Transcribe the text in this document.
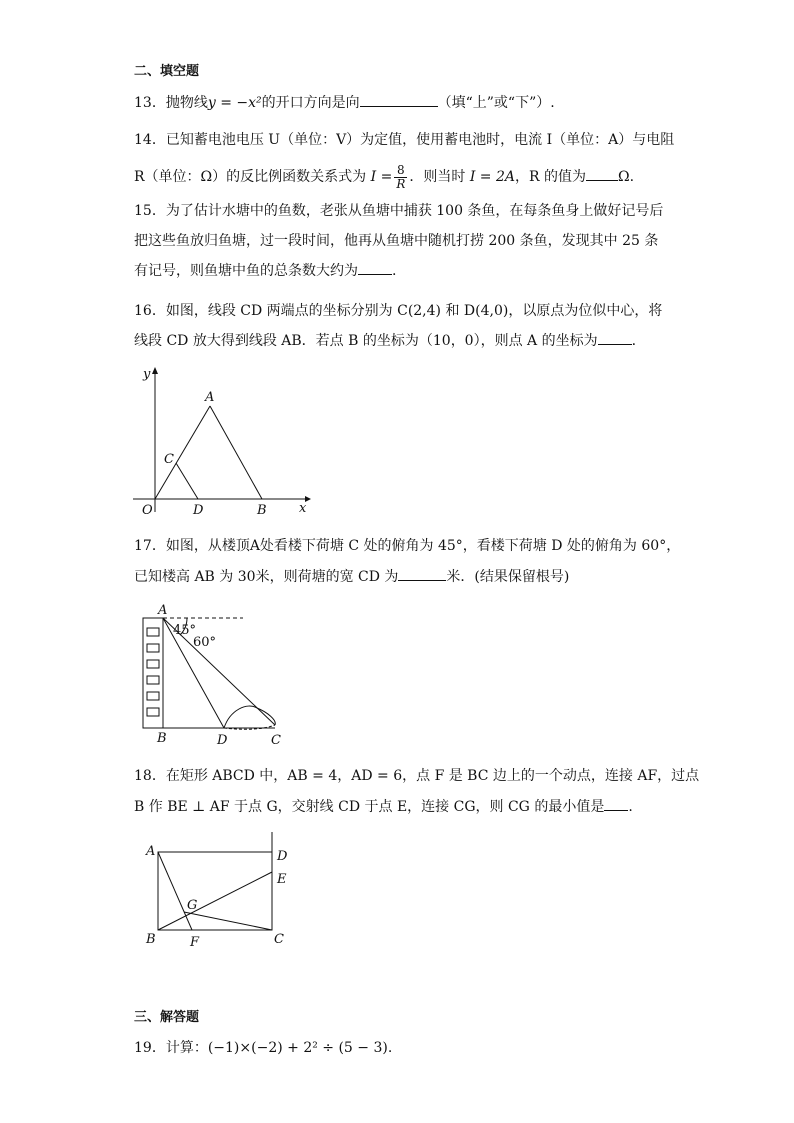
二、填空题
13．抛物线y = −x²的开口方向是向	（填“上”或“下”）.
14．已知蓄电池电压 U（单位：V）为定值，使用蓄电池时，电流 I（单位：A）与电阻
R（单位：Ω）的反比例函数关系式为 $I = \frac{8}{R}$ ．则当时 I = 2A，R 的值为 Ω.
15．为了估计水塘中的鱼数，老张从鱼塘中捕获 100 条鱼，在每条鱼身上做好记号后把这些鱼放归鱼塘，过一段时间，他再从鱼塘中随机打捞 200 条鱼，发现其中 25 条有记号，则鱼塘中鱼的总条数大约为 .
16．如图，线段 CD 两端点的坐标分别为 C(2,4) 和 D(4,0)，以原点为位似中心，将线段 CD 放大得到线段 AB．若点 B 的坐标为（10，0），则点 A 的坐标为 .
y
x
O
A
B
C
D
17．如图，从楼顶A处看楼下荷塘 C 处的俯角为 45°，看楼下荷塘 D 处的俯角为 60°，
已知楼高 AB 为 30米，则荷塘的宽 CD 为	米．(结果保留根号)
A
45°
60°
B	D	C
18．在矩形 ABCD 中，AB = 4，AD = 6，点 F 是 BC 边上的一个动点，连接 AF，过点
B 作 BE ⊥ AF 于点 G，交射线 CD 于点 E，连接 CG，则 CG 的最小值是 .
A	D
E
G
B	F	C
三、解答题
19．计算：(−1)×(−2) + 2² ÷ (5 − 3).
